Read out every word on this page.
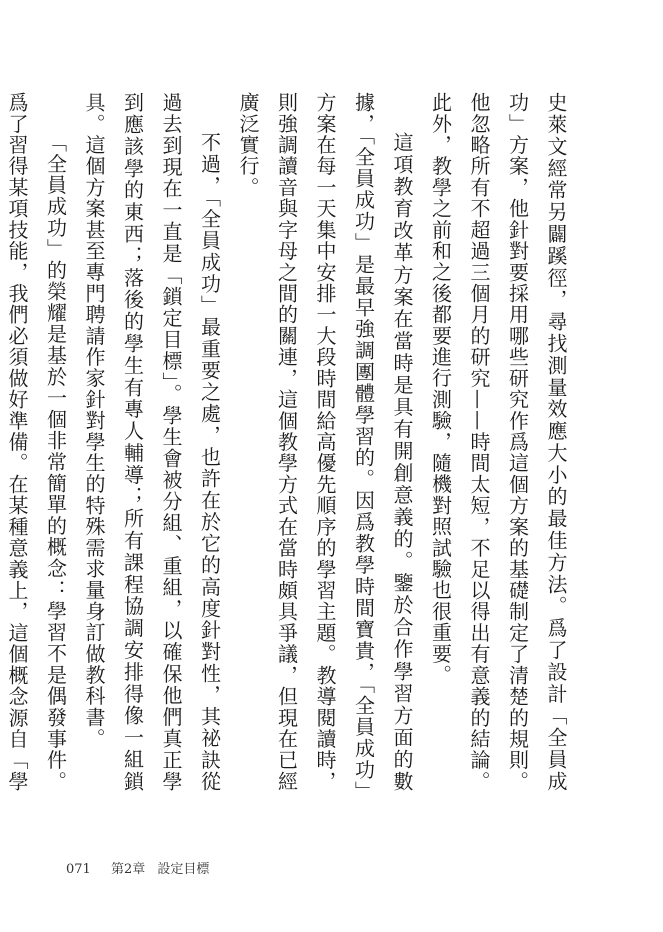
史萊文經常另闢蹊徑，尋找測量效應大小的最佳方法。爲了設計「全員成功」方案，他針對要採用哪些研究作爲這個方案的基礎制定了清楚的規則。他忽略所有不超過三個月的研究——時間太短，不足以得出有意義的結論。此外，教學之前和之後都要進行測驗，隨機對照試驗也很重要。

這項教育改革方案在當時是具有開創意義的。鑒於合作學習方面的數據，「全員成功」是最早強調團體學習的。因爲教學時間寶貴，「全員成功」方案在每一天集中安排一大段時間給高優先順序的學習主題。教導閱讀時，則強調讀音與字母之間的關連，這個教學方式在當時頗具爭議，但現在已經廣泛實行。

不過，「全員成功」最重要之處，也許在於它的高度針對性，其祕訣從過去到現在一直是「鎖定目標」。學生會被分組、重組，以確保他們真正學到應該學的東西；落後的學生有專人輔導；所有課程協調安排得像一組鎖具。這個方案甚至專門聘請作家針對學生的特殊需求量身訂做教科書。

「全員成功」的榮耀是基於一個非常簡單的概念：學習不是偶發事件。爲了習得某項技能，我們必須做好準備。在某種意義上，這個概念源自「學

071 第2章 設定目標
